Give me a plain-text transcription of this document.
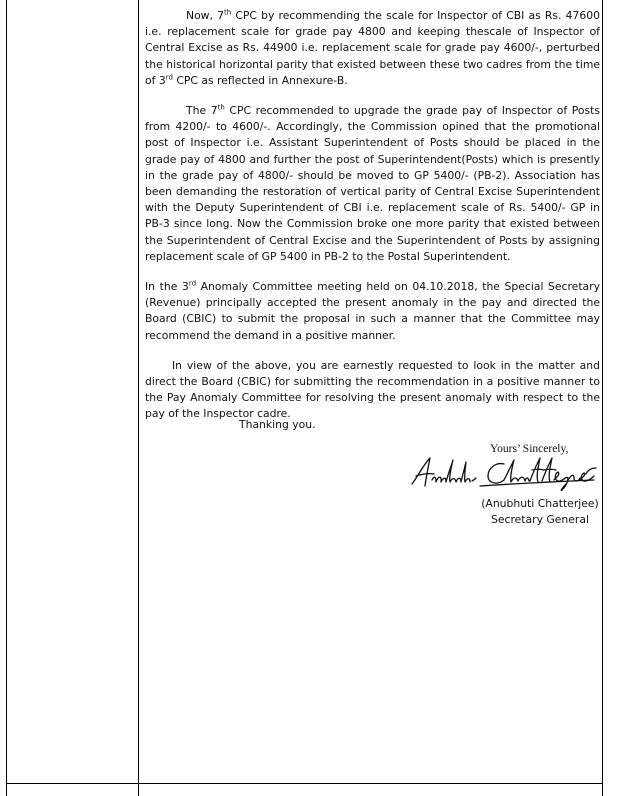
Now, 7th CPC by recommending the scale for Inspector of CBI as Rs. 47600 i.e. replacement scale for grade pay 4800 and keeping thescale of Inspector of Central Excise as Rs. 44900 i.e. replacement scale for grade pay 4600/-, perturbed the historical horizontal parity that existed between these two cadres from the time of 3rd CPC as reflected in Annexure-B.

The 7th CPC recommended to upgrade the grade pay of Inspector of Posts from 4200/- to 4600/-. Accordingly, the Commission opined that the promotional post of Inspector i.e. Assistant Superintendent of Posts should be placed in the grade pay of 4800 and further the post of Superintendent(Posts) which is presently in the grade pay of 4800/- should be moved to GP 5400/- (PB-2). Association has been demanding the restoration of vertical parity of Central Excise Superintendent with the Deputy Superintendent of CBI i.e. replacement scale of Rs. 5400/- GP in PB-3 since long. Now the Commission broke one more parity that existed between the Superintendent of Central Excise and the Superintendent of Posts by assigning replacement scale of GP 5400 in PB-2 to the Postal Superintendent.

In the 3rd Anomaly Committee meeting held on 04.10.2018, the Special Secretary (Revenue) principally accepted the present anomaly in the pay and directed the Board (CBIC) to submit the proposal in such a manner that the Committee may recommend the demand in a positive manner.

In view of the above, you are earnestly requested to look in the matter and direct the Board (CBIC) for submitting the recommendation in a positive manner to the Pay Anomaly Committee for resolving the present anomaly with respect to the pay of the Inspector cadre.

Thanking you.
Yours’ Sincerely,
(Anubhuti Chatterjee)
Secretary General
